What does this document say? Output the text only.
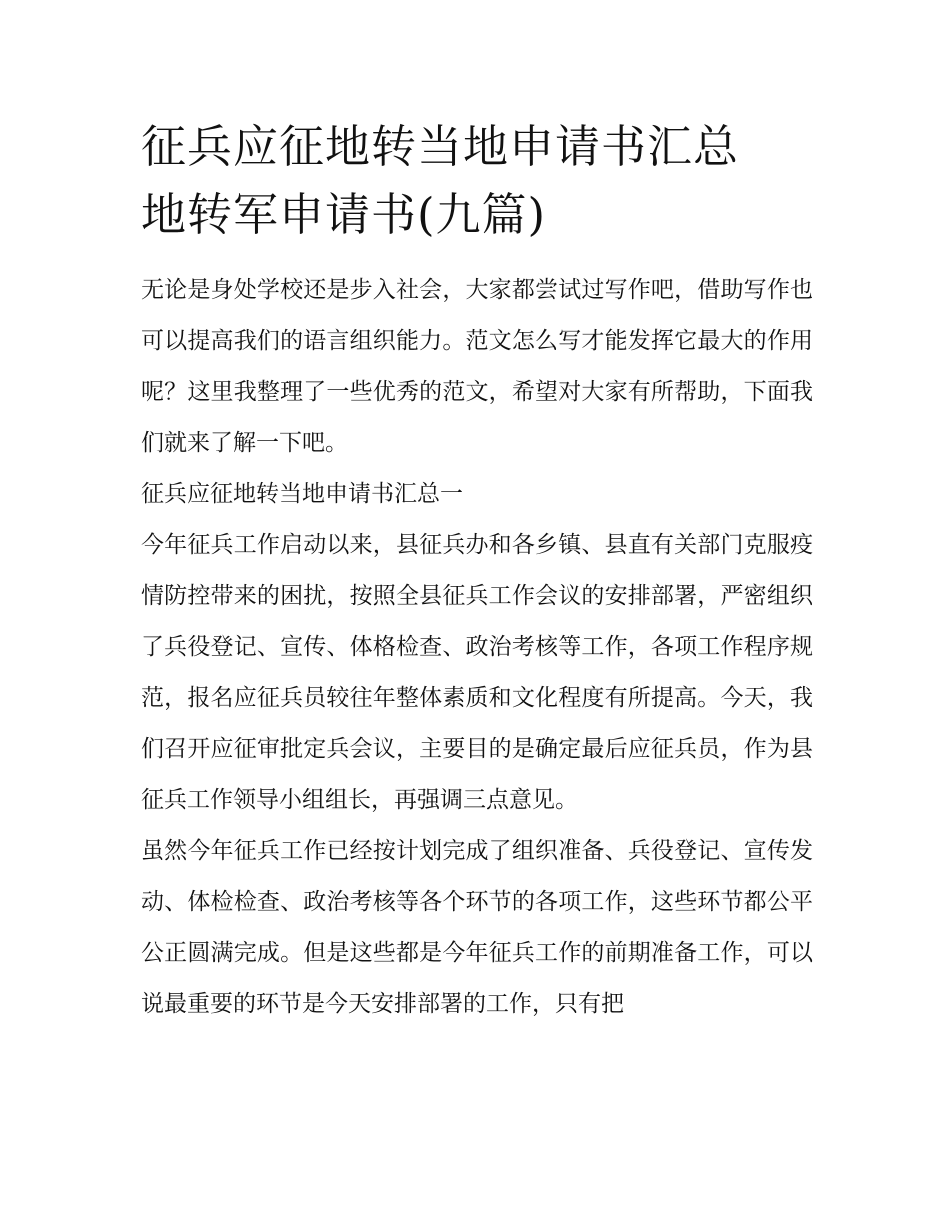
征兵应征地转当地申请书汇总
地转军申请书(九篇)

无论是身处学校还是步入社会，大家都尝试过写作吧，借助写作也可以提高我们的语言组织能力。范文怎么写才能发挥它最大的作用呢？这里我整理了一些优秀的范文，希望对大家有所帮助，下面我们就来了解一下吧。

征兵应征地转当地申请书汇总一

今年征兵工作启动以来，县征兵办和各乡镇、县直有关部门克服疫情防控带来的困扰，按照全县征兵工作会议的安排部署，严密组织了兵役登记、宣传、体格检查、政治考核等工作，各项工作程序规范，报名应征兵员较往年整体素质和文化程度有所提高。今天，我们召开应征审批定兵会议，主要目的是确定最后应征兵员，作为县征兵工作领导小组组长，再强调三点意见。

虽然今年征兵工作已经按计划完成了组织准备、兵役登记、宣传发动、体检检查、政治考核等各个环节的各项工作，这些环节都公平公正圆满完成。但是这些都是今年征兵工作的前期准备工作，可以说最重要的环节是今天安排部署的工作，只有把
